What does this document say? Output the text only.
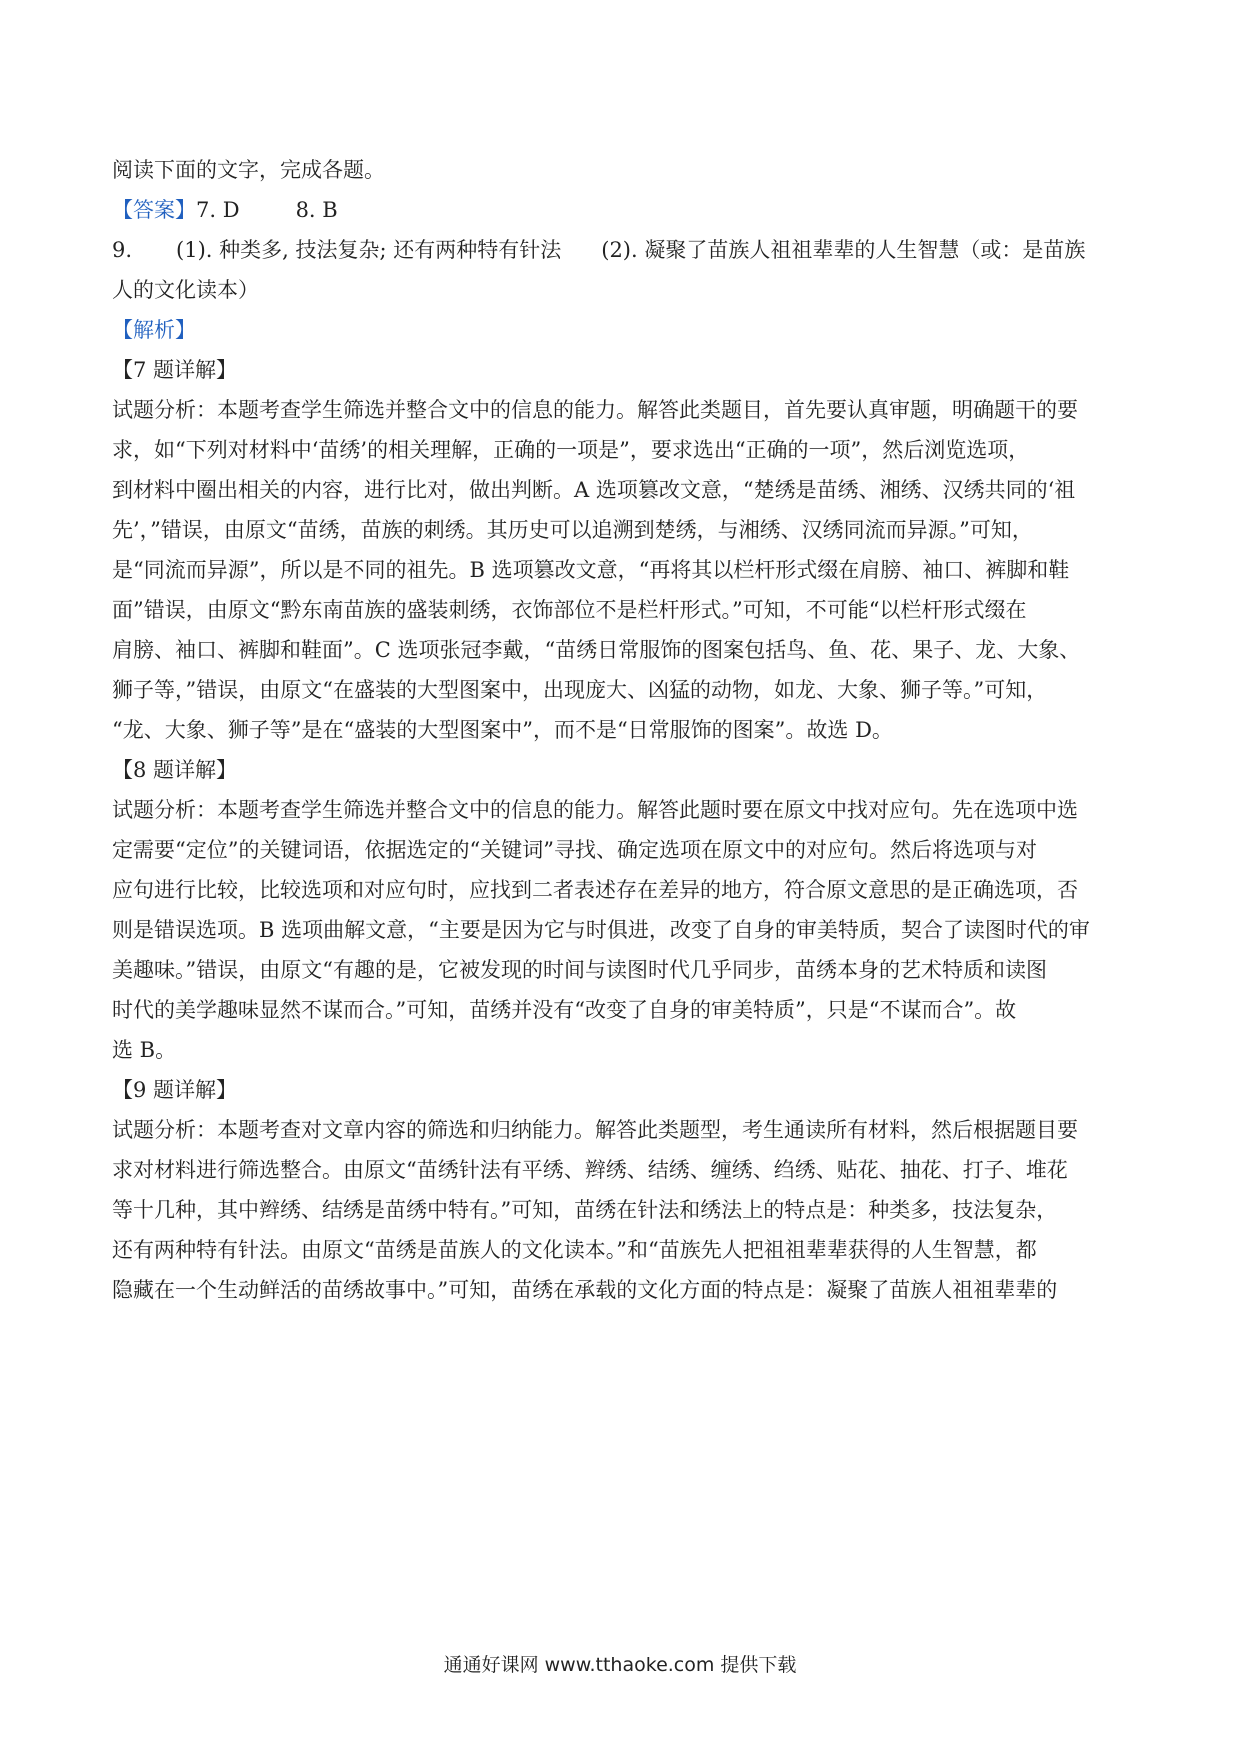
阅读下面的文字，完成各题。

【答案】7. D	8. B

9. (1). 种类多, 技法复杂; 还有两种特有针法 (2). 凝聚了苗族人祖祖辈辈的人生智慧（或：是苗族

人的文化读本）

【解析】

【7 题详解】

试题分析：本题考查学生筛选并整合文中的信息的能力。解答此类题目，首先要认真审题，明确题干的要

求，如“下列对材料中‘苗绣’的相关理解，正确的一项是”，要求选出“正确的一项”，然后浏览选项，

到材料中圈出相关的内容，进行比对，做出判断。A 选项篡改文意，“楚绣是苗绣、湘绣、汉绣共同的‘祖

先’，”错误，由原文“苗绣，苗族的刺绣。其历史可以追溯到楚绣，与湘绣、汉绣同流而异源。”可知，

是“同流而异源”，所以是不同的祖先。B 选项篡改文意，“再将其以栏杆形式缀在肩膀、袖口、裤脚和鞋

面”错误，由原文“黔东南苗族的盛装刺绣，衣饰部位不是栏杆形式。”可知，不可能“以栏杆形式缀在

肩膀、袖口、裤脚和鞋面”。C 选项张冠李戴，“苗绣日常服饰的图案包括鸟、鱼、花、果子、龙、大象、

狮子等，”错误，由原文“在盛装的大型图案中，出现庞大、凶猛的动物，如龙、大象、狮子等。”可知，

“龙、大象、狮子等”是在“盛装的大型图案中”，而不是“日常服饰的图案”。故选 D。

【8 题详解】

试题分析：本题考查学生筛选并整合文中的信息的能力。解答此题时要在原文中找对应句。先在选项中选

定需要“定位”的关键词语，依据选定的“关键词”寻找、确定选项在原文中的对应句。然后将选项与对

应句进行比较，比较选项和对应句时，应找到二者表述存在差异的地方，符合原文意思的是正确选项，否

则是错误选项。B 选项曲解文意，“主要是因为它与时俱进，改变了自身的审美特质，契合了读图时代的审

美趣味。”错误，由原文“有趣的是，它被发现的时间与读图时代几乎同步，苗绣本身的艺术特质和读图

时代的美学趣味显然不谋而合。”可知，苗绣并没有“改变了自身的审美特质”，只是“不谋而合”。故

选 B。

【9 题详解】

试题分析：本题考查对文章内容的筛选和归纳能力。解答此类题型，考生通读所有材料，然后根据题目要

求对材料进行筛选整合。由原文“苗绣针法有平绣、辫绣、结绣、缠绣、绉绣、贴花、抽花、打子、堆花

等十几种，其中辫绣、结绣是苗绣中特有。”可知，苗绣在针法和绣法上的特点是：种类多，技法复杂，

还有两种特有针法。由原文“苗绣是苗族人的文化读本。”和“苗族先人把祖祖辈辈获得的人生智慧，都

隐藏在一个生动鲜活的苗绣故事中。”可知，苗绣在承载的文化方面的特点是：凝聚了苗族人祖祖辈辈的

通通好课网 www.tthaoke.com 提供下载
